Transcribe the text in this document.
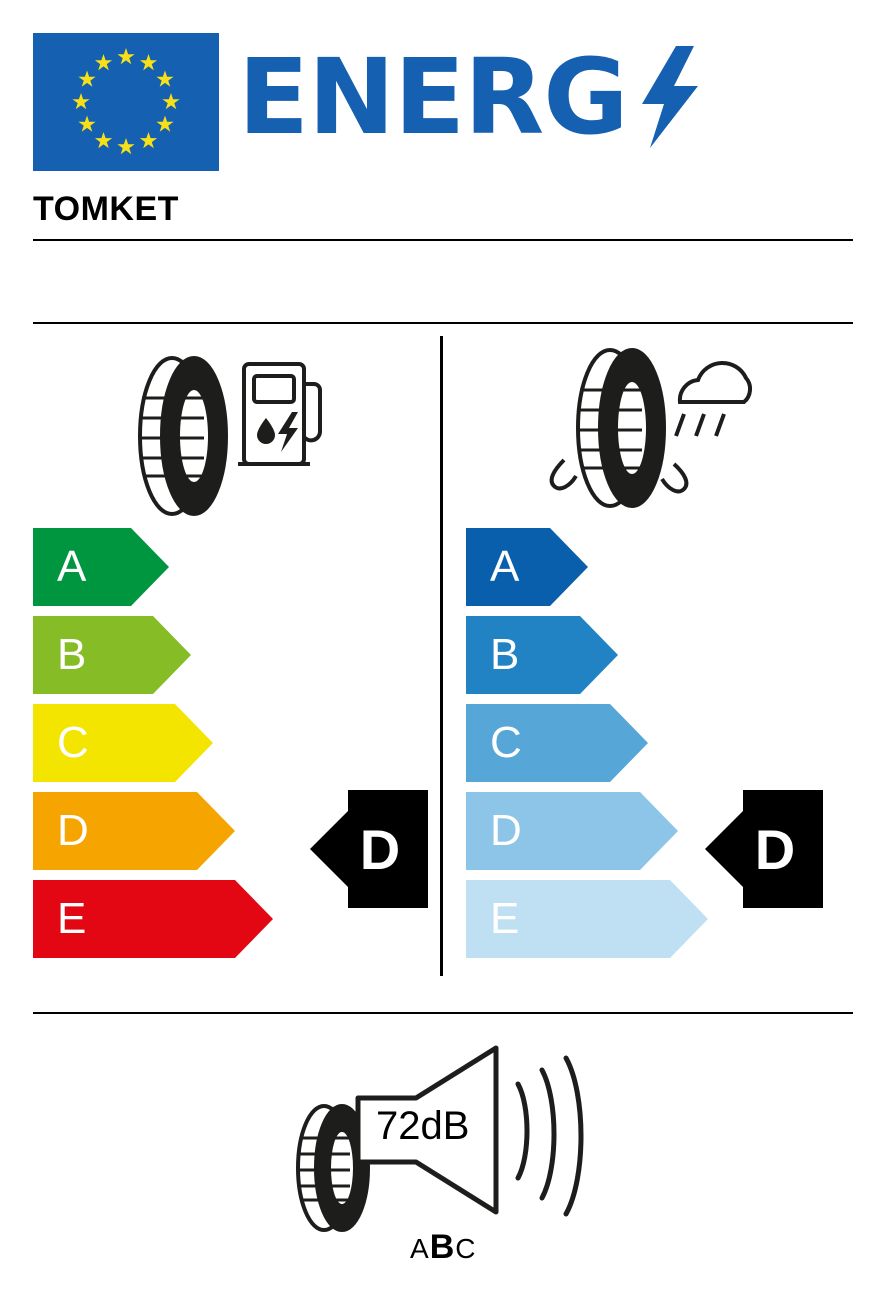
ENERG
TOMKET
A
B
C
D
E
A
B
C
D
E
D	D
72dB
ABC
